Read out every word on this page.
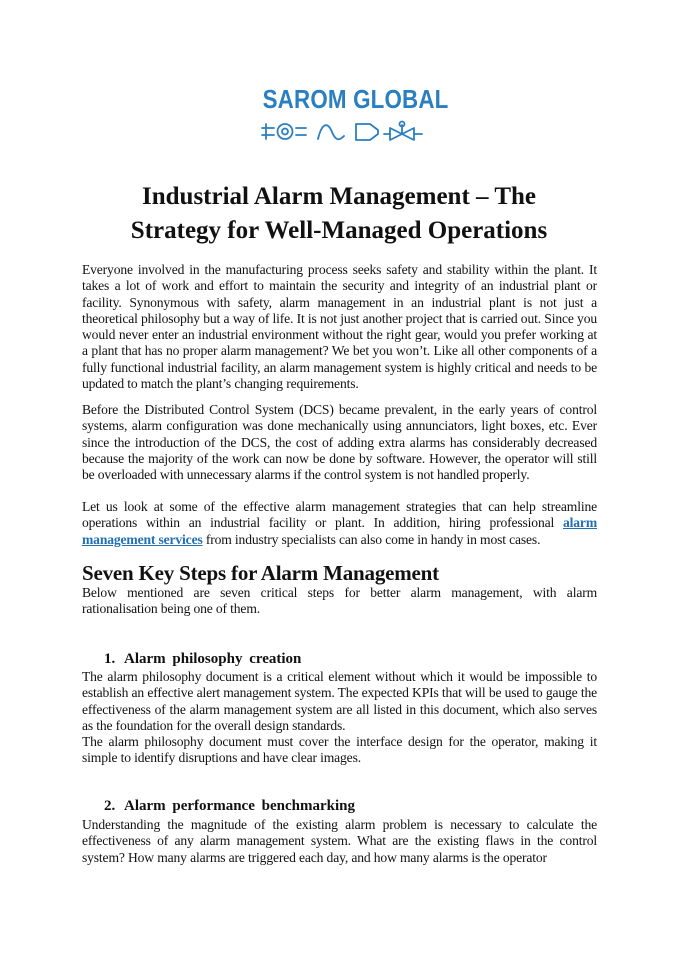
SAROM GLOBAL
Industrial Alarm Management – The
Strategy for Well-Managed Operations

Everyone involved in the manufacturing process seeks safety and stability within the plant. It takes a lot of work and effort to maintain the security and integrity of an industrial plant or facility. Synonymous with safety, alarm management in an industrial plant is not just a theoretical philosophy but a way of life. It is not just another project that is carried out. Since you would never enter an industrial environment without the right gear, would you prefer working at a plant that has no proper alarm management? We bet you won’t. Like all other components of a fully functional industrial facility, an alarm management system is highly critical and needs to be updated to match the plant’s changing requirements.

Before the Distributed Control System (DCS) became prevalent, in the early years of control systems, alarm configuration was done mechanically using annunciators, light boxes, etc. Ever since the introduction of the DCS, the cost of adding extra alarms has considerably decreased because the majority of the work can now be done by software. However, the operator will still be overloaded with unnecessary alarms if the control system is not handled properly.

Let us look at some of the effective alarm management strategies that can help streamline operations within an industrial facility or plant. In addition, hiring professional alarm management services from industry specialists can also come in handy in most cases.

Seven Key Steps for Alarm Management

Below mentioned are seven critical steps for better alarm management, with alarm rationalisation being one of them.

1. Alarm philosophy creation

The alarm philosophy document is a critical element without which it would be impossible to establish an effective alert management system. The expected KPIs that will be used to gauge the effectiveness of the alarm management system are all listed in this document, which also serves as the foundation for the overall design standards.

The alarm philosophy document must cover the interface design for the operator, making it simple to identify disruptions and have clear images.

2. Alarm performance benchmarking

Understanding the magnitude of the existing alarm problem is necessary to calculate the effectiveness of any alarm management system. What are the existing flaws in the control system? How many alarms are triggered each day, and how many alarms is the operator
